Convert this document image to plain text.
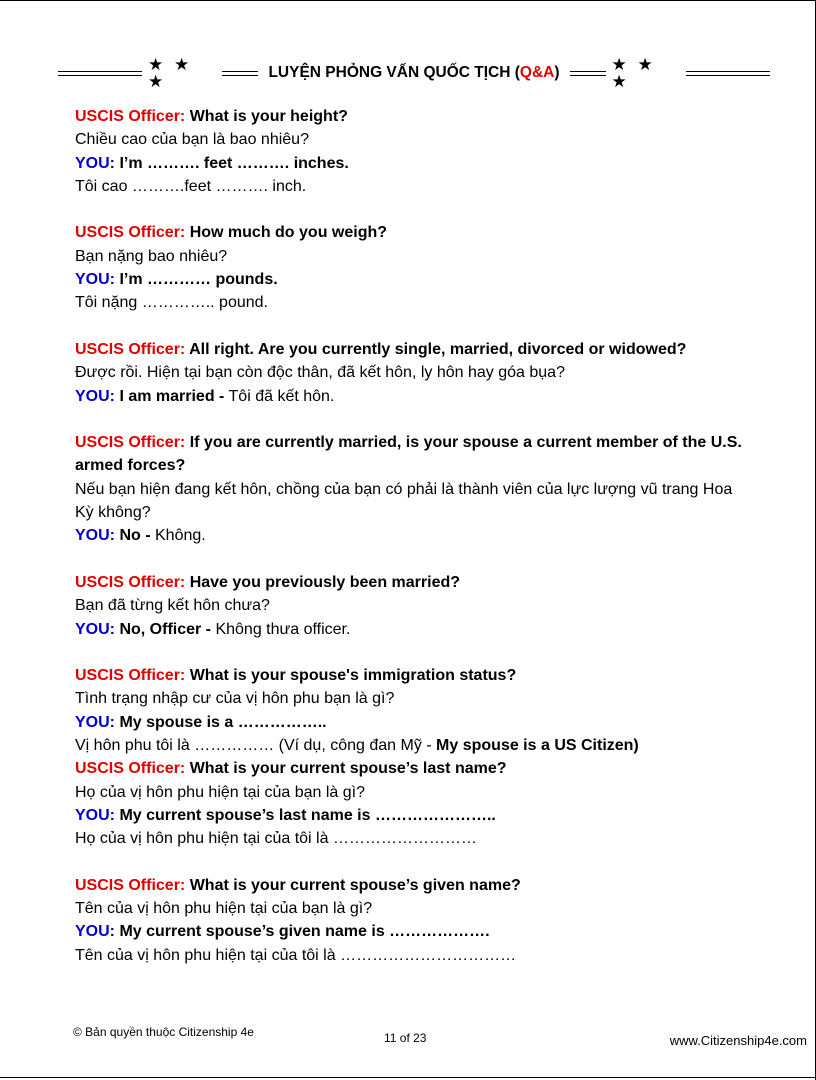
★ ★ ★	LUYỆN PHỎNG VẤN QUỐC TỊCH (Q&A)	★ ★ ★
USCIS Officer: What is your height?
Chiều cao của bạn là bao nhiêu?
YOU: I’m ………. feet ………. inches.
Tôi cao ……….feet ………. inch.
USCIS Officer: How much do you weigh?
Bạn nặng bao nhiêu?
YOU: I’m ………… pounds.
Tôi nặng ………….. pound.
USCIS Officer: All right. Are you currently single, married, divorced or widowed?
Được rồi. Hiện tại bạn còn độc thân, đã kết hôn, ly hôn hay góa bụa?
YOU: I am married - Tôi đã kết hôn.
USCIS Officer: If you are currently married, is your spouse a current member of the U.S. armed forces?
Nếu bạn hiện đang kết hôn, chồng của bạn có phải là thành viên của lực lượng vũ trang Hoa Kỳ không?
YOU: No - Không.
USCIS Officer: Have you previously been married?
Bạn đã từng kết hôn chưa?
YOU: No, Officer - Không thưa officer.
USCIS Officer: What is your spouse's immigration status?
Tình trạng nhập cư của vị hôn phu bạn là gì?
YOU: My spouse is a ……………..
Vị hôn phu tôi là …………… (Ví dụ, công đan Mỹ - My spouse is a US Citizen)
USCIS Officer: What is your current spouse’s last name?
Họ của vị hôn phu hiện tại của bạn là gì?
YOU: My current spouse’s last name is …………………..
Họ của vị hôn phu hiện tại của tôi là ………………………
USCIS Officer: What is your current spouse’s given name?
Tên của vị hôn phu hiện tại của bạn là gì?
YOU: My current spouse’s given name is ……………….
Tên của vị hôn phu hiện tại của tôi là ……………………………
© Bản quyền thuộc Citizenship 4e	11 of 23	www.Citizenship4e.com
